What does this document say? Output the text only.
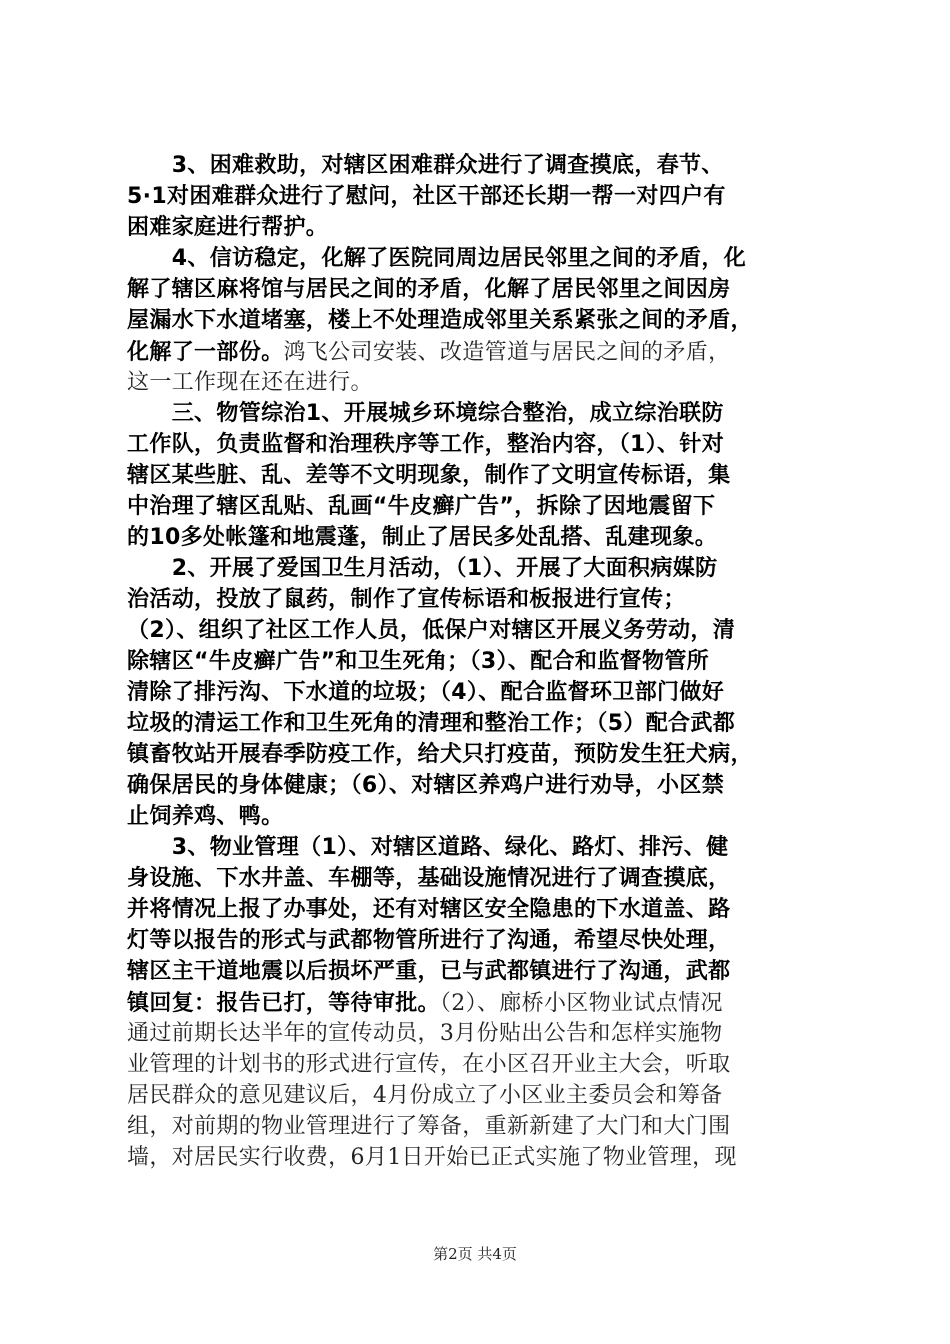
　　3、困难救助，对辖区困难群众进行了调查摸底，春节、
5·1对困难群众进行了慰问，社区干部还长期一帮一对四户有
困难家庭进行帮护。
　　4、信访稳定，化解了医院同周边居民邻里之间的矛盾，化
解了辖区麻将馆与居民之间的矛盾，化解了居民邻里之间因房
屋漏水下水道堵塞，楼上不处理造成邻里关系紧张之间的矛盾，
化解了一部份。鸿飞公司安装、改造管道与居民之间的矛盾，
这一工作现在还在进行。
　　三、物管综治1、开展城乡环境综合整治，成立综治联防
工作队，负责监督和治理秩序等工作，整治内容，（1）、针对
辖区某些脏、乱、差等不文明现象，制作了文明宣传标语，集
中治理了辖区乱贴、乱画“牛皮癣广告”，拆除了因地震留下
的10多处帐篷和地震蓬，制止了居民多处乱搭、乱建现象。
　　2、开展了爱国卫生月活动，（1）、开展了大面积病媒防
治活动，投放了鼠药，制作了宣传标语和板报进行宣传；
（2）、组织了社区工作人员，低保户对辖区开展义务劳动，清
除辖区“牛皮癣广告”和卫生死角；（3）、配合和监督物管所
清除了排污沟、下水道的垃圾；（4）、配合监督环卫部门做好
垃圾的清运工作和卫生死角的清理和整治工作；（5）配合武都
镇畜牧站开展春季防疫工作，给犬只打疫苗，预防发生狂犬病，
确保居民的身体健康；（6）、对辖区养鸡户进行劝导，小区禁
止饲养鸡、鸭。
　　3、物业管理（1）、对辖区道路、绿化、路灯、排污、健
身设施、下水井盖、车棚等，基础设施情况进行了调查摸底，
并将情况上报了办事处，还有对辖区安全隐患的下水道盖、路
灯等以报告的形式与武都物管所进行了沟通，希望尽快处理，
辖区主干道地震以后损坏严重，已与武都镇进行了沟通，武都
镇回复：报告已打，等待审批。（2）、廊桥小区物业试点情况
通过前期长达半年的宣传动员，3月份贴出公告和怎样实施物
业管理的计划书的形式进行宣传，在小区召开业主大会，听取
居民群众的意见建议后，4月份成立了小区业主委员会和筹备
组，对前期的物业管理进行了筹备，重新新建了大门和大门围
墙，对居民实行收费，6月1日开始已正式实施了物业管理，现
第2页 共4页
